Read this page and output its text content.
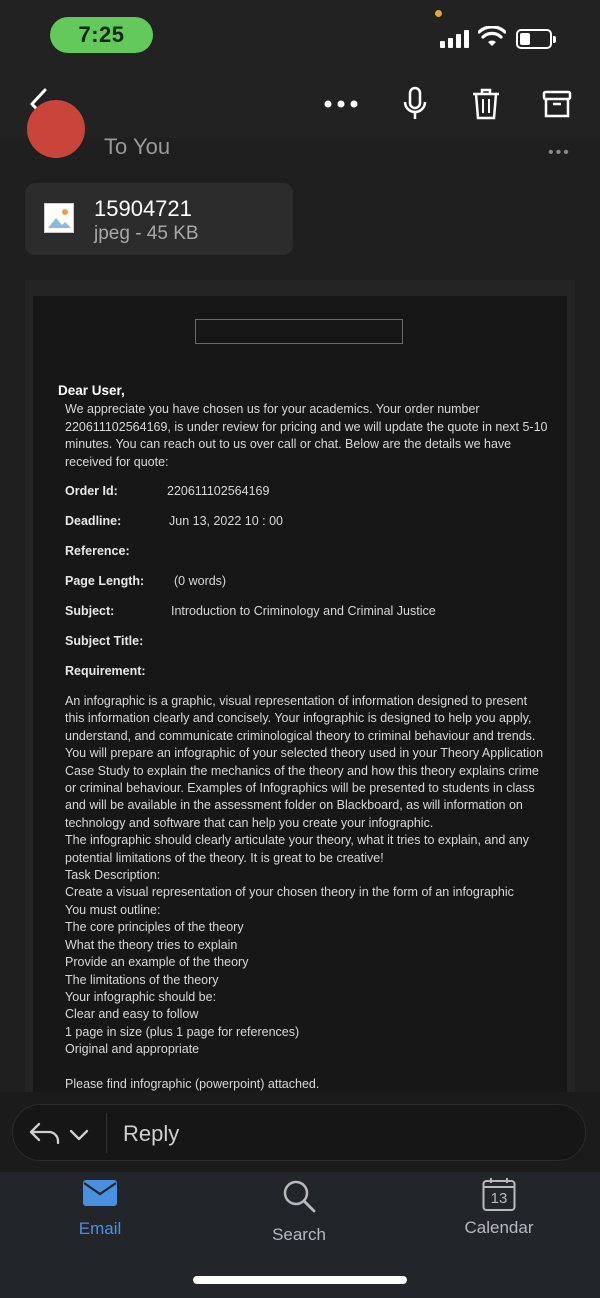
7:25
To You	•••
15904721
jpeg - 45 KB
Dear User,
We appreciate you have chosen us for your academics. Your order number 220611102564169, is under review for pricing and we will update the quote in next 5-10 minutes. You can reach out to us over call or chat. Below are the details we have received for quote:
Order Id:	220611102564169
Deadline:	Jun 13, 2022 10 : 00
Reference:
Page Length: (0 words)
Subject:	Introduction to Criminology and Criminal Justice
Subject Title:
Requirement:

An infographic is a graphic, visual representation of information designed to present

this information clearly and concisely. Your infographic is designed to help you apply,

understand, and communicate criminological theory to criminal behaviour and trends.

You will prepare an infographic of your selected theory used in your Theory Application

Case Study to explain the mechanics of the theory and how this theory explains crime

or criminal behaviour. Examples of Infographics will be presented to students in class

and will be available in the assessment folder on Blackboard, as will information on

technology and software that can help you create your infographic.

The infographic should clearly articulate your theory, what it tries to explain, and any

potential limitations of the theory. It is great to be creative!

Task Description:

Create a visual representation of your chosen theory in the form of an infographic

You must outline:

The core principles of the theory

What the theory tries to explain

Provide an example of the theory

The limitations of the theory

Your infographic should be:

Clear and easy to follow

1 page in size (plus 1 page for references)

Original and appropriate

Please find infographic (powerpoint) attached.

Reply
Email	Search
13
Calendar
